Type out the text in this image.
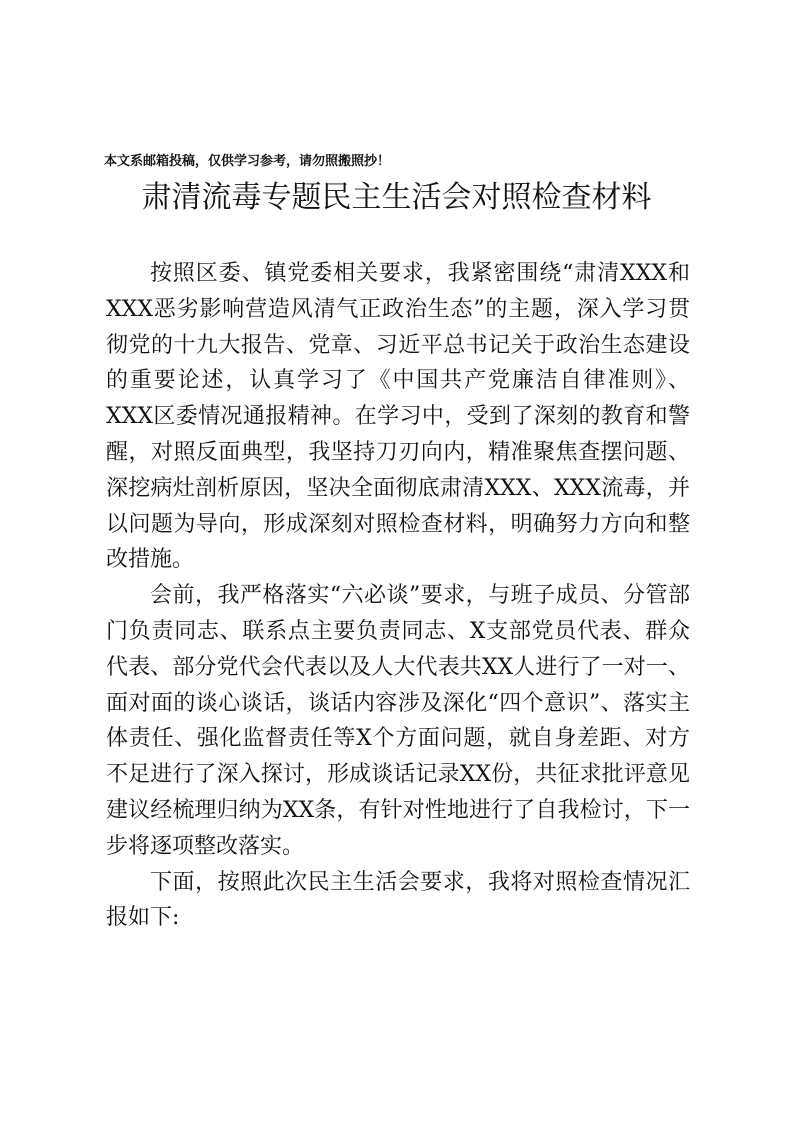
本文系邮箱投稿，仅供学习参考，请勿照搬照抄！
肃清流毒专题民主生活会对照检查材料

按照区委、镇党委相关要求，我紧密围绕“肃清XXX和XXX恶劣影响营造风清气正政治生态”的主题，深入学习贯彻党的十九大报告、党章、习近平总书记关于政治生态建设的重要论述，认真学习了《中国共产党廉洁自律准则》、XXX区委情况通报精神。在学习中，受到了深刻的教育和警醒，对照反面典型，我坚持刀刃向内，精准聚焦查摆问题、深挖病灶剖析原因，坚决全面彻底肃清XXX、XXX流毒，并以问题为导向，形成深刻对照检查材料，明确努力方向和整改措施。

会前，我严格落实“六必谈”要求，与班子成员、分管部门负责同志、联系点主要负责同志、X支部党员代表、群众代表、部分党代会代表以及人大代表共XX人进行了一对一、面对面的谈心谈话，谈话内容涉及深化“四个意识”、落实主体责任、强化监督责任等X个方面问题，就自身差距、对方不足进行了深入探讨，形成谈话记录XX份，共征求批评意见建议经梳理归纳为XX条，有针对性地进行了自我检讨，下一步将逐项整改落实。

下面，按照此次民主生活会要求，我将对照检查情况汇报如下:
